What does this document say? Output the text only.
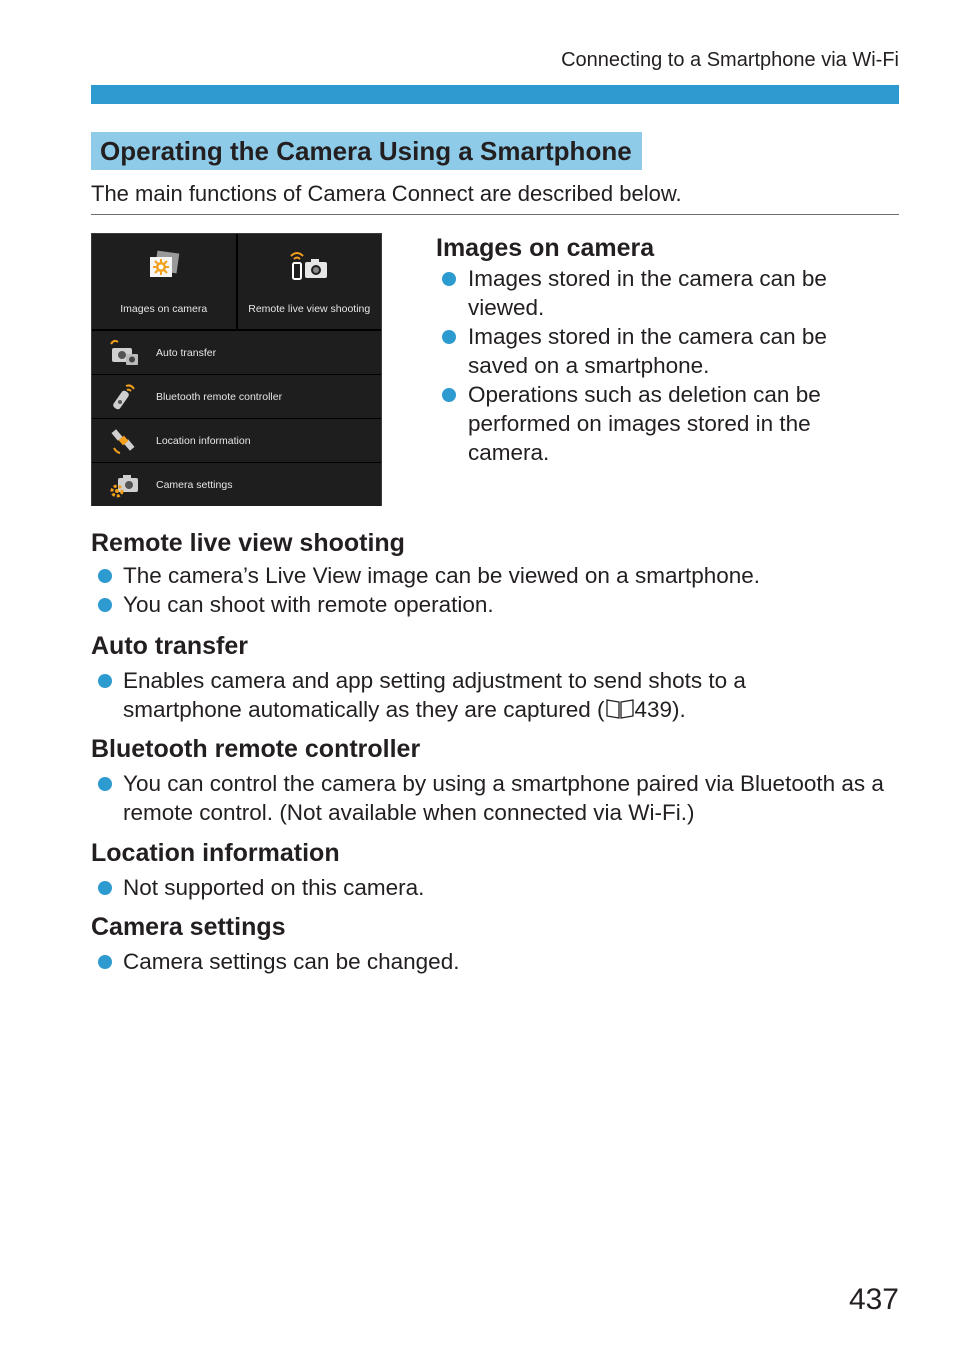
Connecting to a Smartphone via Wi-Fi
Operating the Camera Using a Smartphone
The main functions of Camera Connect are described below.
Images on camera	Remote live view shooting
Auto transfer
Bluetooth remote controller
Location information
Camera settings
Images on camera
Images stored in the camera can be viewed.
Images stored in the camera can be saved on a smartphone.
Operations such as deletion can be performed on images stored in the camera.
Remote live view shooting
The camera’s Live View image can be viewed on a smartphone.
You can shoot with remote operation.
Auto transfer
Enables camera and app setting adjustment to send shots to a smartphone automatically as they are captured ( 439).
Bluetooth remote controller
You can control the camera by using a smartphone paired via Bluetooth as a remote control. (Not available when connected via Wi-Fi.)
Location information
Not supported on this camera.
Camera settings
Camera settings can be changed.
437
